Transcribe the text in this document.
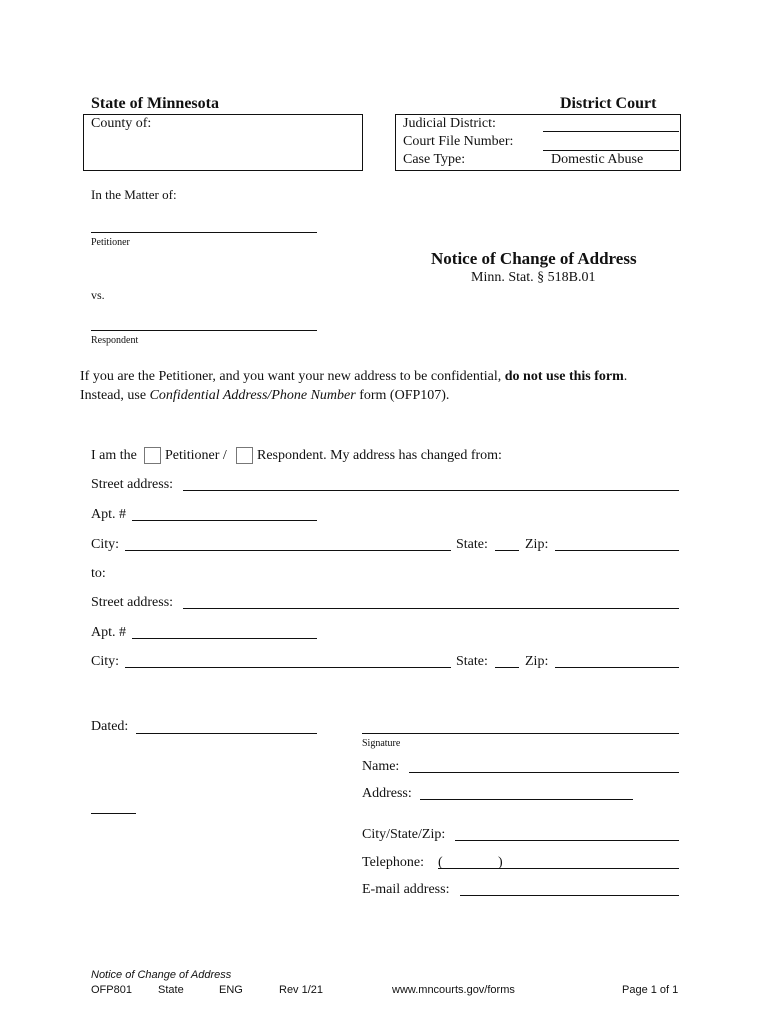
State of Minnesota	District Court
County of:	Judicial District:
Court File Number:
Case Type:	Domestic Abuse
In the Matter of:
Petitioner
vs.
Respondent
Notice of Change of Address
Minn. Stat. § 518B.01
If you are the Petitioner, and you want your new address to be confidential, do not use this form.
Instead, use Confidential Address/Phone Number form (OFP107).
I am the Petitioner / Respondent. My address has changed from:
Street address:
Apt. #
City:	State:	Zip:
to:
Street address:
Apt. #
City:	State:	Zip:
Dated:
Signature
Name:
Address:
City/State/Zip:
Telephone: (	)
E-mail address:
Notice of Change of Address
OFP801 State	ENG	Rev 1/21	www.mncourts.gov/forms	Page 1 of 1
